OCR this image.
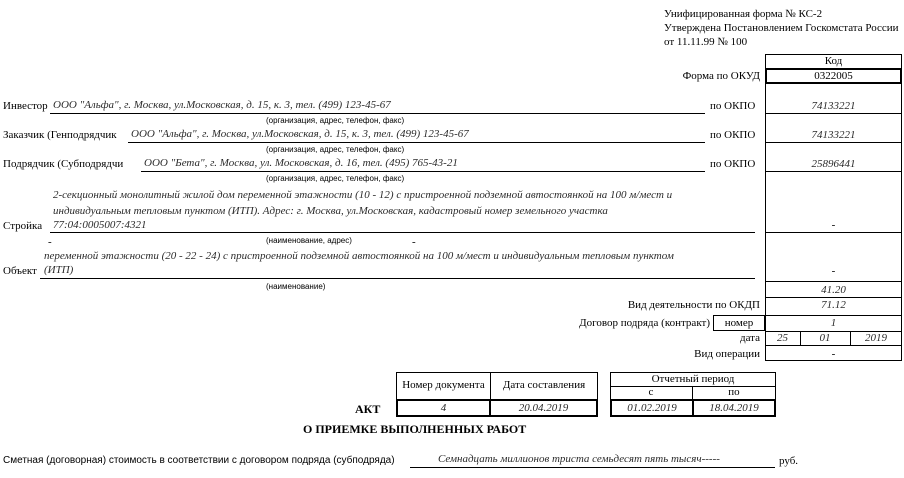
Унифицированная форма № КС-2
Утверждена Постановлением Госкомстата России
от 11.11.99 № 100
Код
0322005
Форма по ОКУД
Инвестор ООО "Альфа", г. Москва, ул.Московская, д. 15, к. 3, тел. (499) 123-45-67
(организация, адрес, телефон, факс)
по ОКПО	74133221
Заказчик (Генподрядчик ООО "Альфа", г. Москва, ул.Московская, д. 15, к. 3, тел. (499) 123-45-67
(организация, адрес, телефон, факс)
по ОКПО	74133221
Подрядчик (Субподрядчи ООО "Бета", г. Москва, ул. Московская, д. 16, тел. (495) 765-43-21
(организация, адрес, телефон, факс)
по ОКПО	25896441
2-секционный монолитный жилой дом переменной этажности (10 - 12) с пристроенной подземной автостоянкой на 100 м/мест и
индивидуальным тепловым пунктом (ИТП). Адрес: г. Москва, ул.Московская, кадастровый номер земельного участка
Стройка 77:04:0005007:4321
(наименование, адрес)
-
-	-
переменной этажности (20 - 22 - 24) с пристроенной подземной автостоянкой на 100 м/мест и индивидуальным тепловым пунктом
Объект (ИТП)
(наименование)
-
41.20
Вид деятельности по ОКДП	71.12
Договор подряда (контракт)	номер	1
дата	25	01	2019
Вид операции	-
Номер документа	Дата составления	Отчетный период
с	по
4	20.04.2019	01.02.2019	18.04.2019
АКТ
О ПРИЕМКЕ ВЫПОЛНЕННЫХ РАБОТ
Сметная (договорная) стоимость в соответствии с договором подряда (субподряда)	Семнадцать миллионов триста семьдесят пять тысяч-----	руб.
